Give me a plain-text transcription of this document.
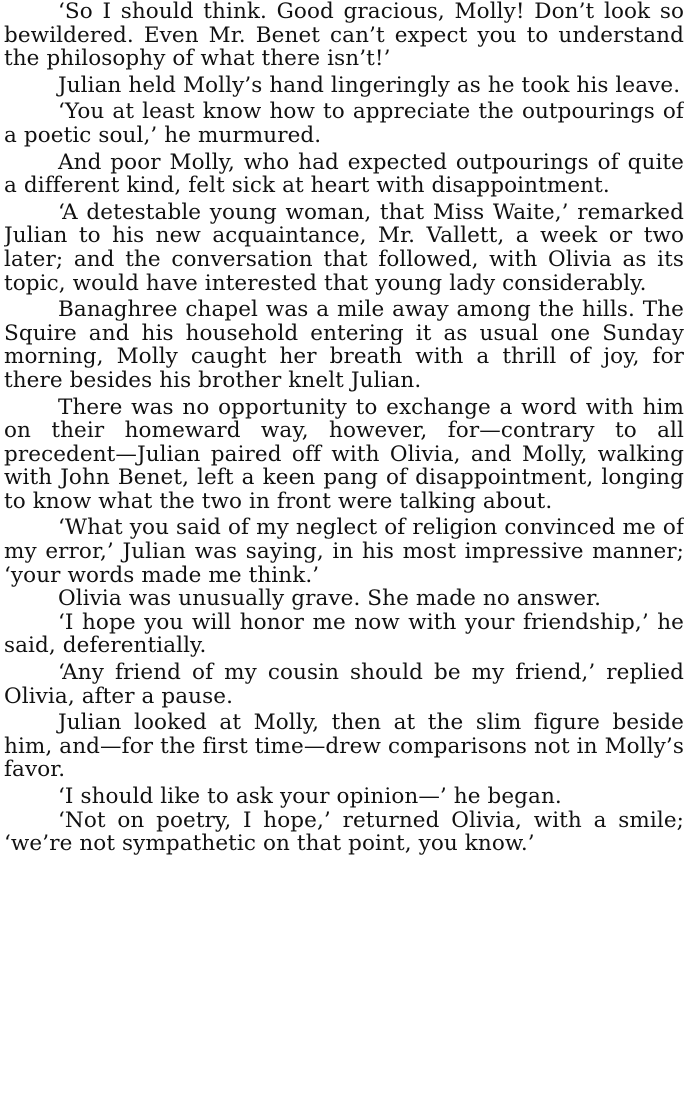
‘So I should think. Good gracious, Molly! Don’t look so bewildered. Even Mr. Benet can’t expect you to understand the philosophy of what there isn’t!’

Julian held Molly’s hand lingeringly as he took his leave.

‘You at least know how to appreciate the outpourings of a poetic soul,’ he murmured.

And poor Molly, who had expected outpourings of quite a different kind, felt sick at heart with disappointment.

‘A detestable young woman, that Miss Waite,’ remarked Julian to his new acquaintance, Mr. Vallett, a week or two later; and the conversation that followed, with Olivia as its topic, would have interested that young lady considerably.

Banaghree chapel was a mile away among the hills. The Squire and his household entering it as usual one Sunday morning, Molly caught her breath with a thrill of joy, for there besides his brother knelt Julian.

There was no opportunity to exchange a word with him on their homeward way, however, for—contrary to all precedent—Julian paired off with Olivia, and Molly, walking with John Benet, left a keen pang of disappointment, longing to know what the two in front were talking about.

‘What you said of my neglect of religion convinced me of my error,’ Julian was saying, in his most impressive manner; ‘your words made me think.’

Olivia was unusually grave. She made no answer.

‘I hope you will honor me now with your friendship,’ he said, deferentially.

‘Any friend of my cousin should be my friend,’ replied Olivia, after a pause.

Julian looked at Molly, then at the slim figure beside him, and—for the first time—drew comparisons not in Molly’s favor.

‘I should like to ask your opinion—’ he began.

‘Not on poetry, I hope,’ returned Olivia, with a smile; ‘we’re not sympathetic on that point, you know.’
